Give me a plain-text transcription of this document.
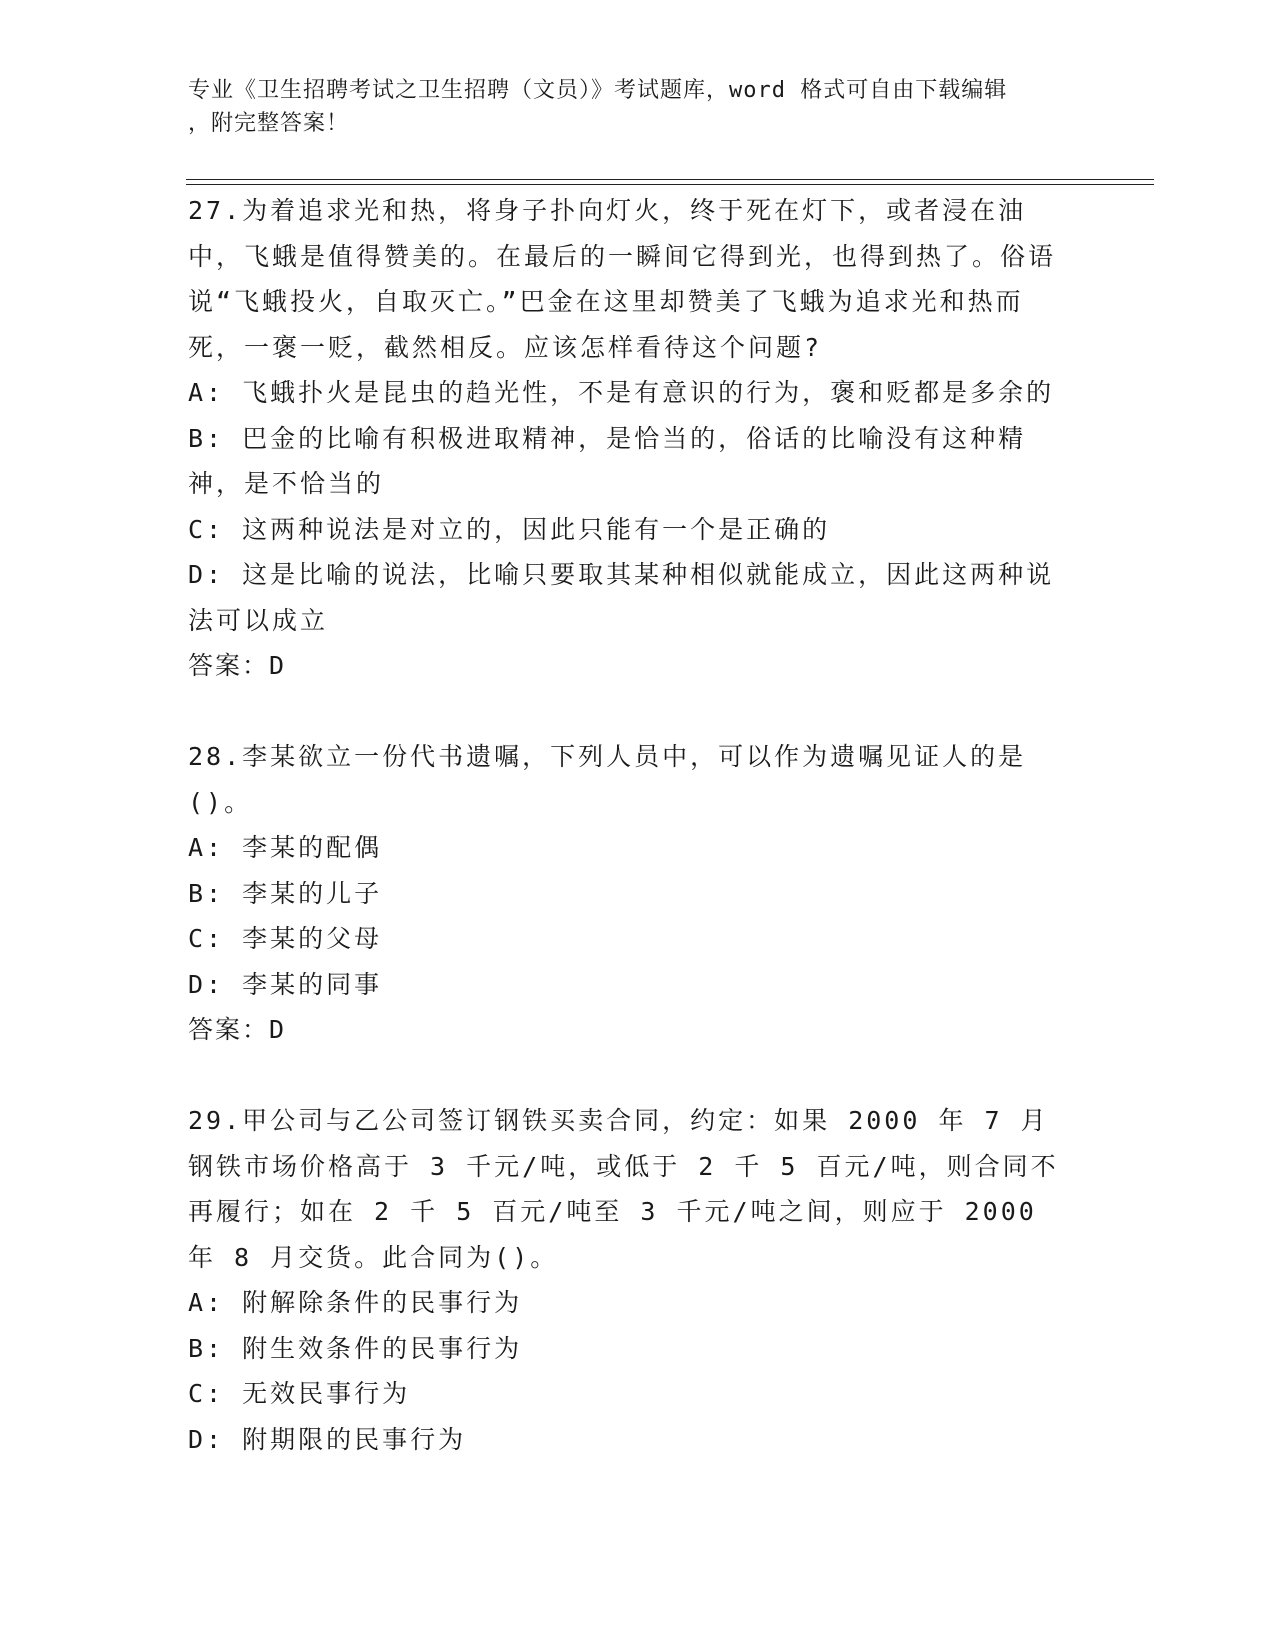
专业《卫生招聘考试之卫生招聘（文员）》考试题库，word 格式可自由下载编辑
，附完整答案！
27.为着追求光和热，将身子扑向灯火，终于死在灯下，或者浸在油中，飞蛾是值得赞美的。在最后的一瞬间它得到光，也得到热了。俗语说“飞蛾投火，自取灭亡。”巴金在这里却赞美了飞蛾为追求光和热而死，一褒一贬，截然相反。应该怎样看待这个问题?
A: 飞蛾扑火是昆虫的趋光性，不是有意识的行为，褒和贬都是多余的
B: 巴金的比喻有积极进取精神，是恰当的，俗话的比喻没有这种精神，是不恰当的
C: 这两种说法是对立的，因此只能有一个是正确的
D: 这是比喻的说法，比喻只要取其某种相似就能成立，因此这两种说法可以成立
答案：D
28.李某欲立一份代书遗嘱，下列人员中，可以作为遗嘱见证人的是()。
A: 李某的配偶
B: 李某的儿子
C: 李某的父母
D: 李某的同事
答案：D
29.甲公司与乙公司签订钢铁买卖合同，约定：如果 2000 年 7 月钢铁市场价格高于 3 千元/吨，或低于 2 千 5 百元/吨，则合同不再履行；如在 2 千 5 百元/吨至 3 千元/吨之间，则应于 2000 年 8 月交货。此合同为()。
A: 附解除条件的民事行为
B: 附生效条件的民事行为
C: 无效民事行为
D: 附期限的民事行为
